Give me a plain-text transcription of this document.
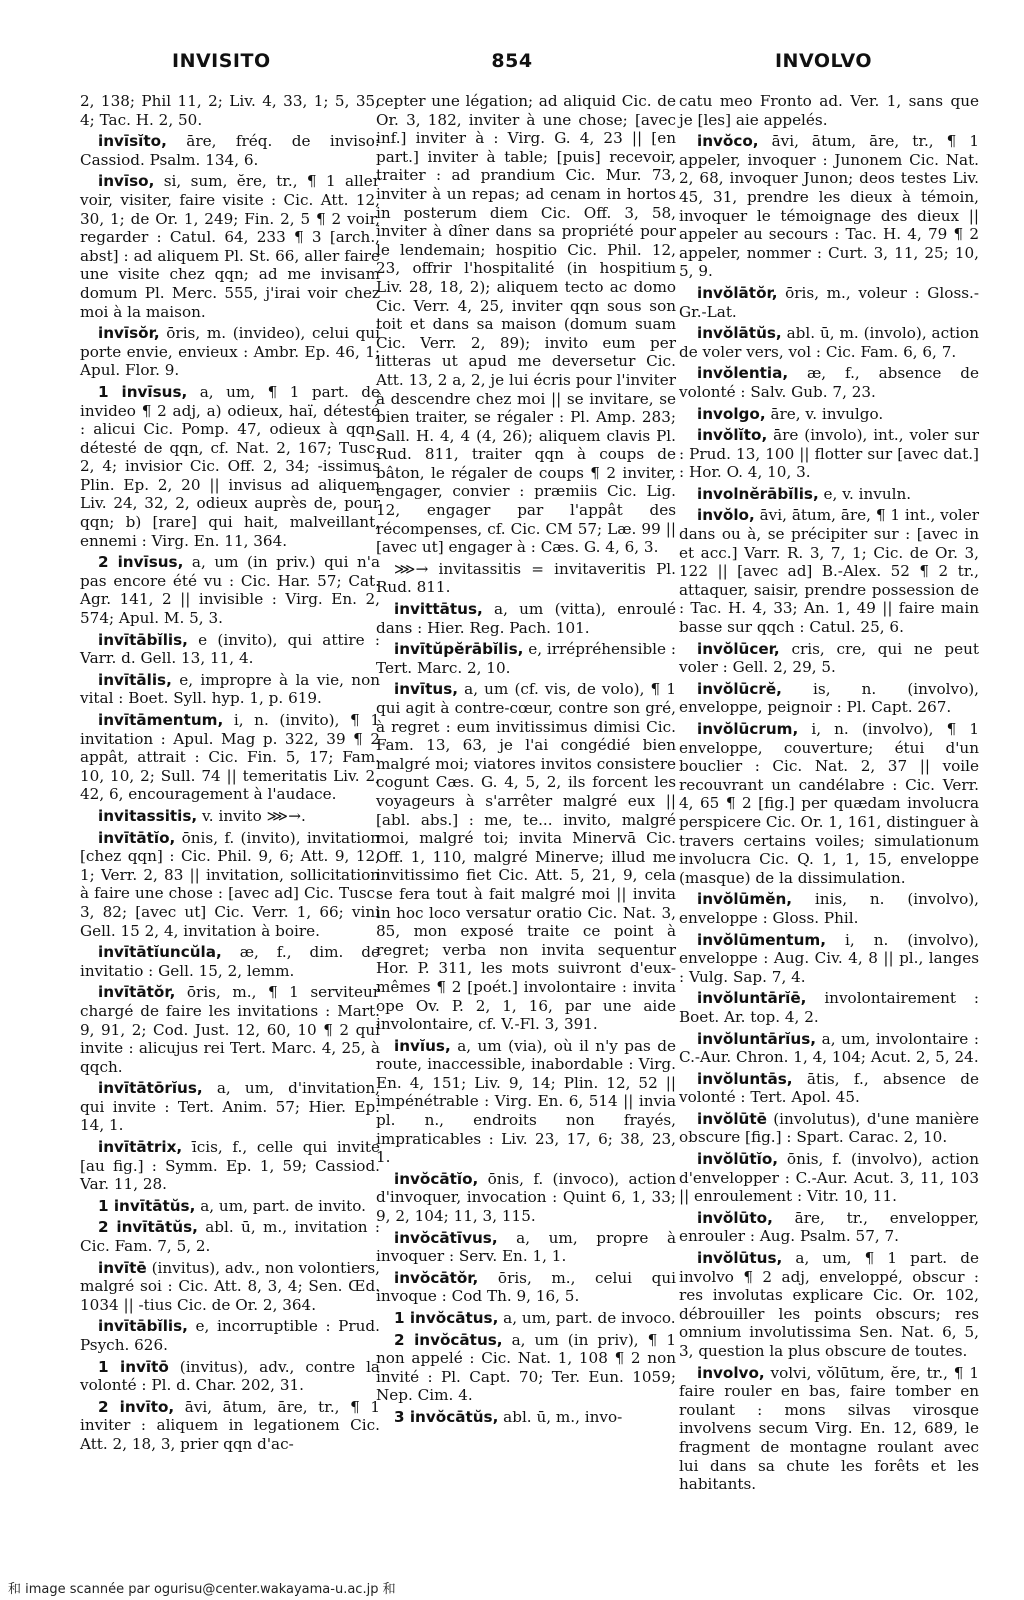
INVISITO	854	INVOLVO

2, 138; Phil 11, 2; Liv. 4, 33, 1; 5, 35, 4; Tac. H. 2, 50.

invīsĭto, āre, fréq. de inviso: Cassiod. Psalm. 134, 6.

invīso, si, sum, ĕre, tr., ¶ 1 aller voir, visiter, faire visite : Cic. Att. 12, 30, 1; de Or. 1, 249; Fin. 2, 5 ¶ 2 voir, regarder : Catul. 64, 233 ¶ 3 [arch., abst] : ad aliquem Pl. St. 66, aller faire une visite chez qqn; ad me invisam domum Pl. Merc. 555, j'irai voir chez moi à la maison.

invīsŏr, ōris, m. (invideo), celui qui porte envie, envieux : Ambr. Ep. 46, 1; Apul. Flor. 9.

1 invīsus, a, um, ¶ 1 part. de invideo ¶ 2 adj, a) odieux, haï, détesté : alicui Cic. Pomp. 47, odieux à qqn, détesté de qqn, cf. Nat. 2, 167; Tusc. 2, 4; invisior Cic. Off. 2, 34; -issimus Plin. Ep. 2, 20 || invisus ad aliquem Liv. 24, 32, 2, odieux auprès de, pour qqn; b) [rare] qui hait, malveillant, ennemi : Virg. En. 11, 364.

2 invīsus, a, um (in priv.) qui n'a pas encore été vu : Cic. Har. 57; Cat. Agr. 141, 2 || invisible : Virg. En. 2, 574; Apul. M. 5, 3.

invītābĭlis, e (invito), qui attire : Varr. d. Gell. 13, 11, 4.

invītālis, e, impropre à la vie, non vital : Boet. Syll. hyp. 1, p. 619.

invītāmentum, i, n. (invito), ¶ 1 invitation : Apul. Mag p. 322, 39 ¶ 2 appât, attrait : Cic. Fin. 5, 17; Fam. 10, 10, 2; Sull. 74 || temeritatis Liv. 2, 42, 6, encouragement à l'audace.

invitassitis, v. invito ⋙→.

invītātĭo, ōnis, f. (invito), invitation [chez qqn] : Cic. Phil. 9, 6; Att. 9, 12, 1; Verr. 2, 83 || invitation, sollicitation à faire une chose : [avec ad] Cic. Tusc. 3, 82; [avec ut] Cic. Verr. 1, 66; vini Gell. 15 2, 4, invitation à boire.

invītātĭuncŭla, æ, f., dim. de invitatio : Gell. 15, 2, lemm.

invītātŏr, ōris, m., ¶ 1 serviteur chargé de faire les invitations : Mart. 9, 91, 2; Cod. Just. 12, 60, 10 ¶ 2 qui invite : alicujus rei Tert. Marc. 4, 25, à qqch.

invītātōrĭus, a, um, d'invitation, qui invite : Tert. Anim. 57; Hier. Ep. 14, 1.

invītātrix, īcis, f., celle qui invite [au fig.] : Symm. Ep. 1, 59; Cassiod. Var. 11, 28.

1 invītātŭs, a, um, part. de invito.

2 invītātŭs, abl. ū, m., invitation : Cic. Fam. 7, 5, 2.

invītē (invitus), adv., non volontiers, malgré soi : Cic. Att. 8, 3, 4; Sen. Œd. 1034 || -tius Cic. de Or. 2, 364.

invītābĭlis, e, incorruptible : Prud. Psych. 626.

1 invītō (invitus), adv., contre la volonté : Pl. d. Char. 202, 31.

2 invīto, āvi, ātum, āre, tr., ¶ 1 inviter : aliquem in legationem Cic. Att. 2, 18, 3, prier qqn d'ac-

cepter une légation; ad aliquid Cic. de Or. 3, 182, inviter à une chose; [avec inf.] inviter à : Virg. G. 4, 23 || [en part.] inviter à table; [puis] recevoir, traiter : ad prandium Cic. Mur. 73, inviter à un repas; ad cenam in hortos in posterum diem Cic. Off. 3, 58, inviter à dîner dans sa propriété pour le lendemain; hospitio Cic. Phil. 12, 23, offrir l'hospitalité (in hospitium Liv. 28, 18, 2); aliquem tecto ac domo Cic. Verr. 4, 25, inviter qqn sous son toit et dans sa maison (domum suam Cic. Verr. 2, 89); invito eum per litteras ut apud me deversetur Cic. Att. 13, 2 a, 2, je lui écris pour l'inviter à descendre chez moi || se invitare, se bien traiter, se régaler : Pl. Amp. 283; Sall. H. 4, 4 (4, 26); aliquem clavis Pl. Rud. 811, traiter qqn à coups de bâton, le régaler de coups ¶ 2 inviter, engager, convier : præmiis Cic. Lig. 12, engager par l'appât des récompenses, cf. Cic. CM 57; Læ. 99 || [avec ut] engager à : Cæs. G. 4, 6, 3.

⋙→ invitassitis = invitaveritis Pl. Rud. 811.

invittātus, a, um (vitta), enroulé dans : Hier. Reg. Pach. 101.

invītŭpĕrābĭlis, e, irrépréhensible : Tert. Marc. 2, 10.

invītus, a, um (cf. vis, de volo), ¶ 1 qui agit à contre-cœur, contre son gré, à regret : eum invitissimus dimisi Cic. Fam. 13, 63, je l'ai congédié bien malgré moi; viatores invitos consistere cogunt Cæs. G. 4, 5, 2, ils forcent les voyageurs à s'arrêter malgré eux || [abl. abs.] : me, te... invito, malgré moi, malgré toi; invita Minervā Cic. Off. 1, 110, malgré Minerve; illud me invitissimo fiet Cic. Att. 5, 21, 9, cela se fera tout à fait malgré moi || invita in hoc loco versatur oratio Cic. Nat. 3, 85, mon exposé traite ce point à regret; verba non invita sequentur Hor. P. 311, les mots suivront d'eux-mêmes ¶ 2 [poét.] involontaire : invita ope Ov. P. 2, 1, 16, par une aide involontaire, cf. V.-Fl. 3, 391.

invĭus, a, um (via), où il n'y pas de route, inaccessible, inabordable : Virg. En. 4, 151; Liv. 9, 14; Plin. 12, 52 || impénétrable : Virg. En. 6, 514 || invia pl. n., endroits non frayés, impraticables : Liv. 23, 17, 6; 38, 23, 1.

invŏcātĭo, ōnis, f. (invoco), action d'invoquer, invocation : Quint 6, 1, 33; 9, 2, 104; 11, 3, 115.

invŏcātīvus, a, um, propre à invoquer : Serv. En. 1, 1.

invŏcātŏr, ōris, m., celui qui invoque : Cod Th. 9, 16, 5.

1 invŏcātus, a, um, part. de invoco.

2 invŏcātus, a, um (in priv), ¶ 1 non appelé : Cic. Nat. 1, 108 ¶ 2 non invité : Pl. Capt. 70; Ter. Eun. 1059; Nep. Cim. 4.

3 invŏcātŭs, abl. ū, m., invo-

catu meo Fronto ad. Ver. 1, sans que je [les] aie appelés.

invŏco, āvi, ātum, āre, tr., ¶ 1 appeler, invoquer : Junonem Cic. Nat. 2, 68, invoquer Junon; deos testes Liv. 45, 31, prendre les dieux à témoin, invoquer le témoignage des dieux || appeler au secours : Tac. H. 4, 79 ¶ 2 appeler, nommer : Curt. 3, 11, 25; 10, 5, 9.

invŏlātŏr, ōris, m., voleur : Gloss.-Gr.-Lat.

invŏlātŭs, abl. ū, m. (involo), action de voler vers, vol : Cic. Fam. 6, 6, 7.

invŏlentia, æ, f., absence de volonté : Salv. Gub. 7, 23.

involgo, āre, v. invulgo.

invŏlĭto, āre (involo), int., voler sur : Prud. 13, 100 || flotter sur [avec dat.] : Hor. O. 4, 10, 3.

involnĕrābĭlis, e, v. invuln.

invŏlo, āvi, ātum, āre, ¶ 1 int., voler dans ou à, se précipiter sur : [avec in et acc.] Varr. R. 3, 7, 1; Cic. de Or. 3, 122 || [avec ad] B.-Alex. 52 ¶ 2 tr., attaquer, saisir, prendre possession de : Tac. H. 4, 33; An. 1, 49 || faire main basse sur qqch : Catul. 25, 6.

invŏlūcer, cris, cre, qui ne peut voler : Gell. 2, 29, 5.

invŏlūcrĕ, is, n. (involvo), enveloppe, peignoir : Pl. Capt. 267.

invŏlūcrum, i, n. (involvo), ¶ 1 enveloppe, couverture; étui d'un bouclier : Cic. Nat. 2, 37 || voile recouvrant un candélabre : Cic. Verr. 4, 65 ¶ 2 [fig.] per quædam involucra perspicere Cic. Or. 1, 161, distinguer à travers certains voiles; simulationum involucra Cic. Q. 1, 1, 15, enveloppe (masque) de la dissimulation.

invŏlūmĕn, inis, n. (involvo), enveloppe : Gloss. Phil.

invŏlūmentum, i, n. (involvo), enveloppe : Aug. Civ. 4, 8 || pl., langes : Vulg. Sap. 7, 4.

invŏluntārĭē, involontairement : Boet. Ar. top. 4, 2.

invŏluntārĭus, a, um, involontaire : C.-Aur. Chron. 1, 4, 104; Acut. 2, 5, 24.

invŏluntās, ātis, f., absence de volonté : Tert. Apol. 45.

invŏlūtē (involutus), d'une manière obscure [fig.] : Spart. Carac. 2, 10.

invŏlūtĭo, ōnis, f. (involvo), action d'envelopper : C.-Aur. Acut. 3, 11, 103 || enroulement : Vitr. 10, 11.

invŏlūto, āre, tr., envelopper, enrouler : Aug. Psalm. 57, 7.

invŏlūtus, a, um, ¶ 1 part. de involvo ¶ 2 adj, enveloppé, obscur : res involutas explicare Cic. Or. 102, débrouiller les points obscurs; res omnium involutissima Sen. Nat. 6, 5, 3, question la plus obscure de toutes.

involvo, volvi, vŏlūtum, ĕre, tr., ¶ 1 faire rouler en bas, faire tomber en roulant : mons silvas virosque involvens secum Virg. En. 12, 689, le fragment de montagne roulant avec lui dans sa chute les forêts et les habitants.

和 image scannée par ogurisu@center.wakayama-u.ac.jp 和
